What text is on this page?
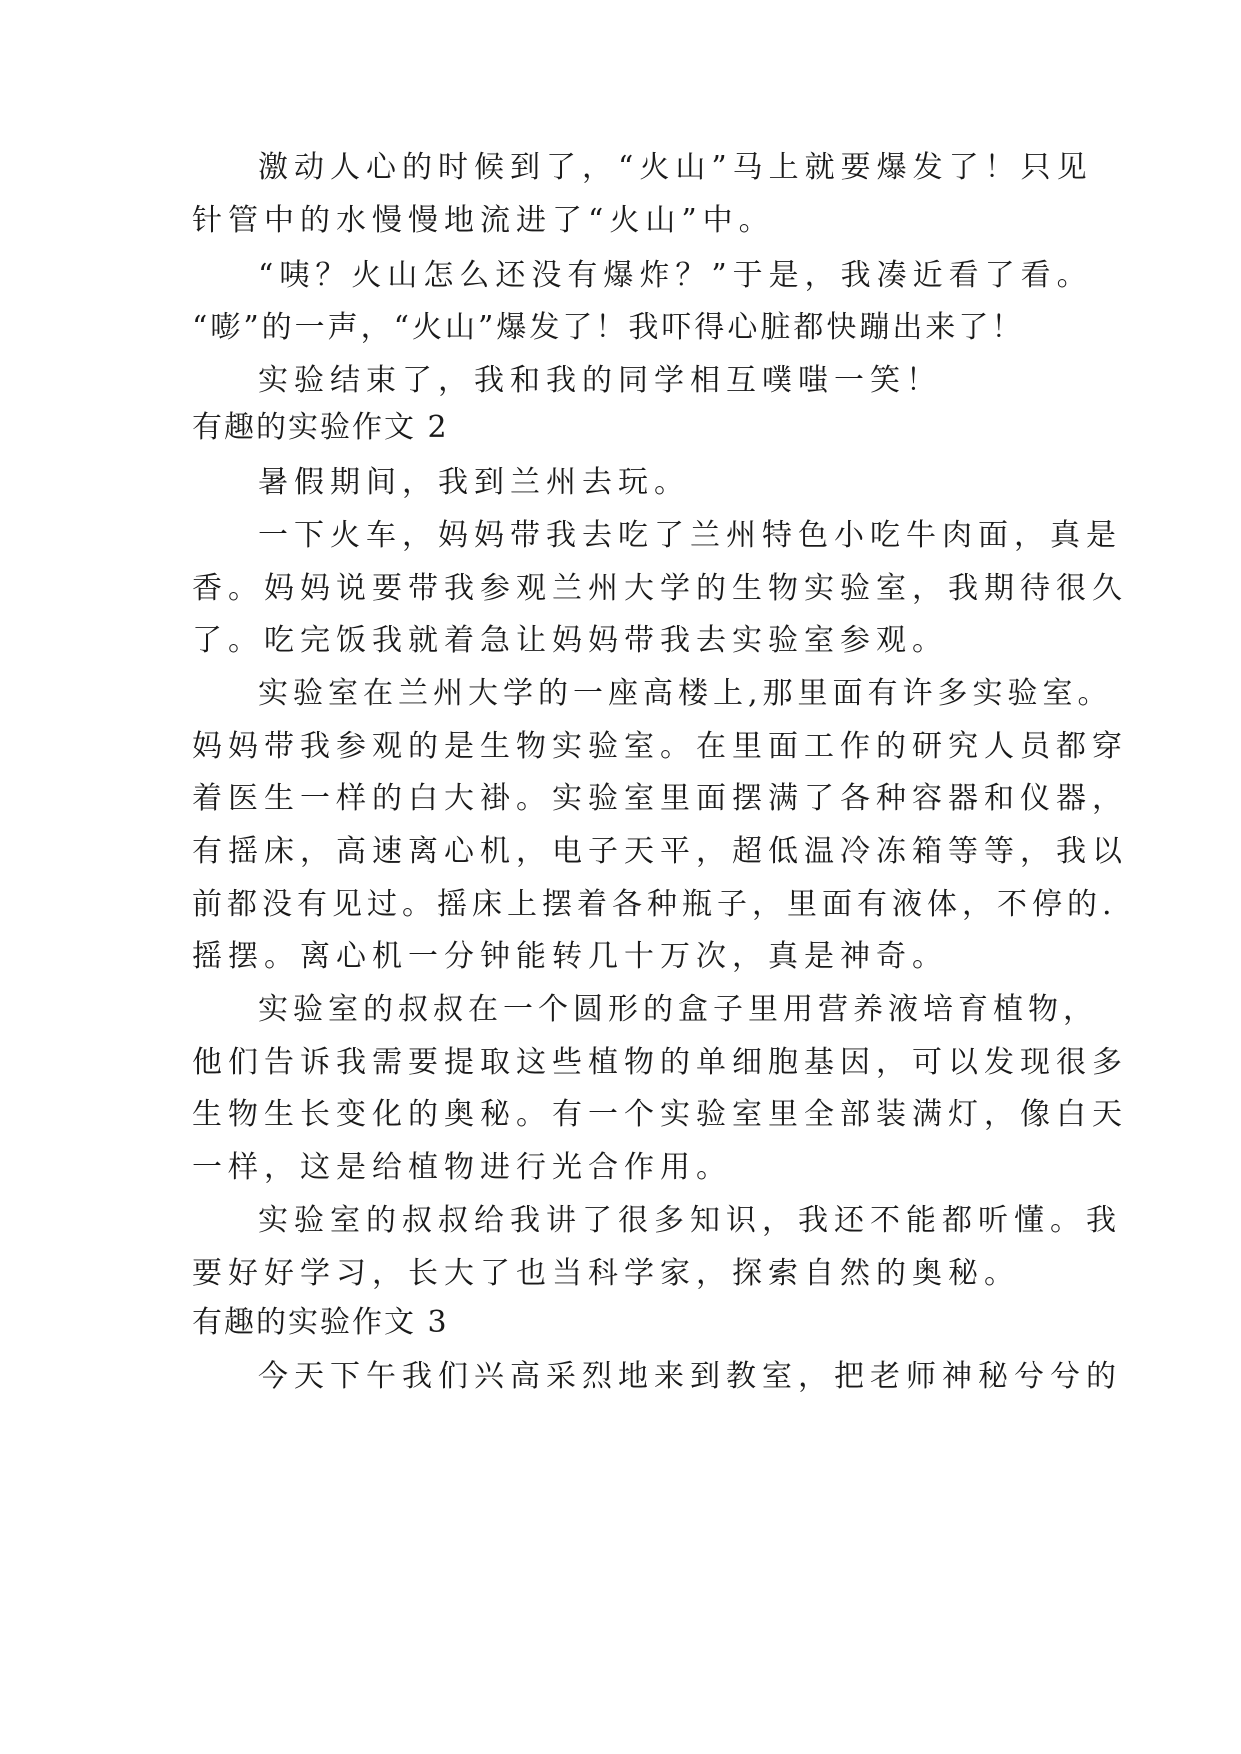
激动人心的时候到了，“火山”马上就要爆发了！只见
针管中的水慢慢地流进了“火山”中。
“咦？火山怎么还没有爆炸？”于是，我凑近看了看。
“嘭”的一声，“火山”爆发了！我吓得心脏都快蹦出来了！
实验结束了，我和我的同学相互噗嗤一笑！
有趣的实验作文 2
暑假期间，我到兰州去玩。
一下火车，妈妈带我去吃了兰州特色小吃牛肉面，真是
香。妈妈说要带我参观兰州大学的生物实验室，我期待很久
了。吃完饭我就着急让妈妈带我去实验室参观。
实验室在兰州大学的一座高楼上,那里面有许多实验室。
妈妈带我参观的是生物实验室。在里面工作的研究人员都穿
着医生一样的白大褂。实验室里面摆满了各种容器和仪器，
有摇床，高速离心机，电子天平，超低温冷冻箱等等，我以
前都没有见过。摇床上摆着各种瓶子，里面有液体，不停的.
摇摆。离心机一分钟能转几十万次，真是神奇。
实验室的叔叔在一个圆形的盒子里用营养液培育植物，
他们告诉我需要提取这些植物的单细胞基因，可以发现很多
生物生长变化的奥秘。有一个实验室里全部装满灯，像白天
一样，这是给植物进行光合作用。
实验室的叔叔给我讲了很多知识，我还不能都听懂。我
要好好学习，长大了也当科学家，探索自然的奥秘。
有趣的实验作文 3
今天下午我们兴高采烈地来到教室，把老师神秘兮兮的
